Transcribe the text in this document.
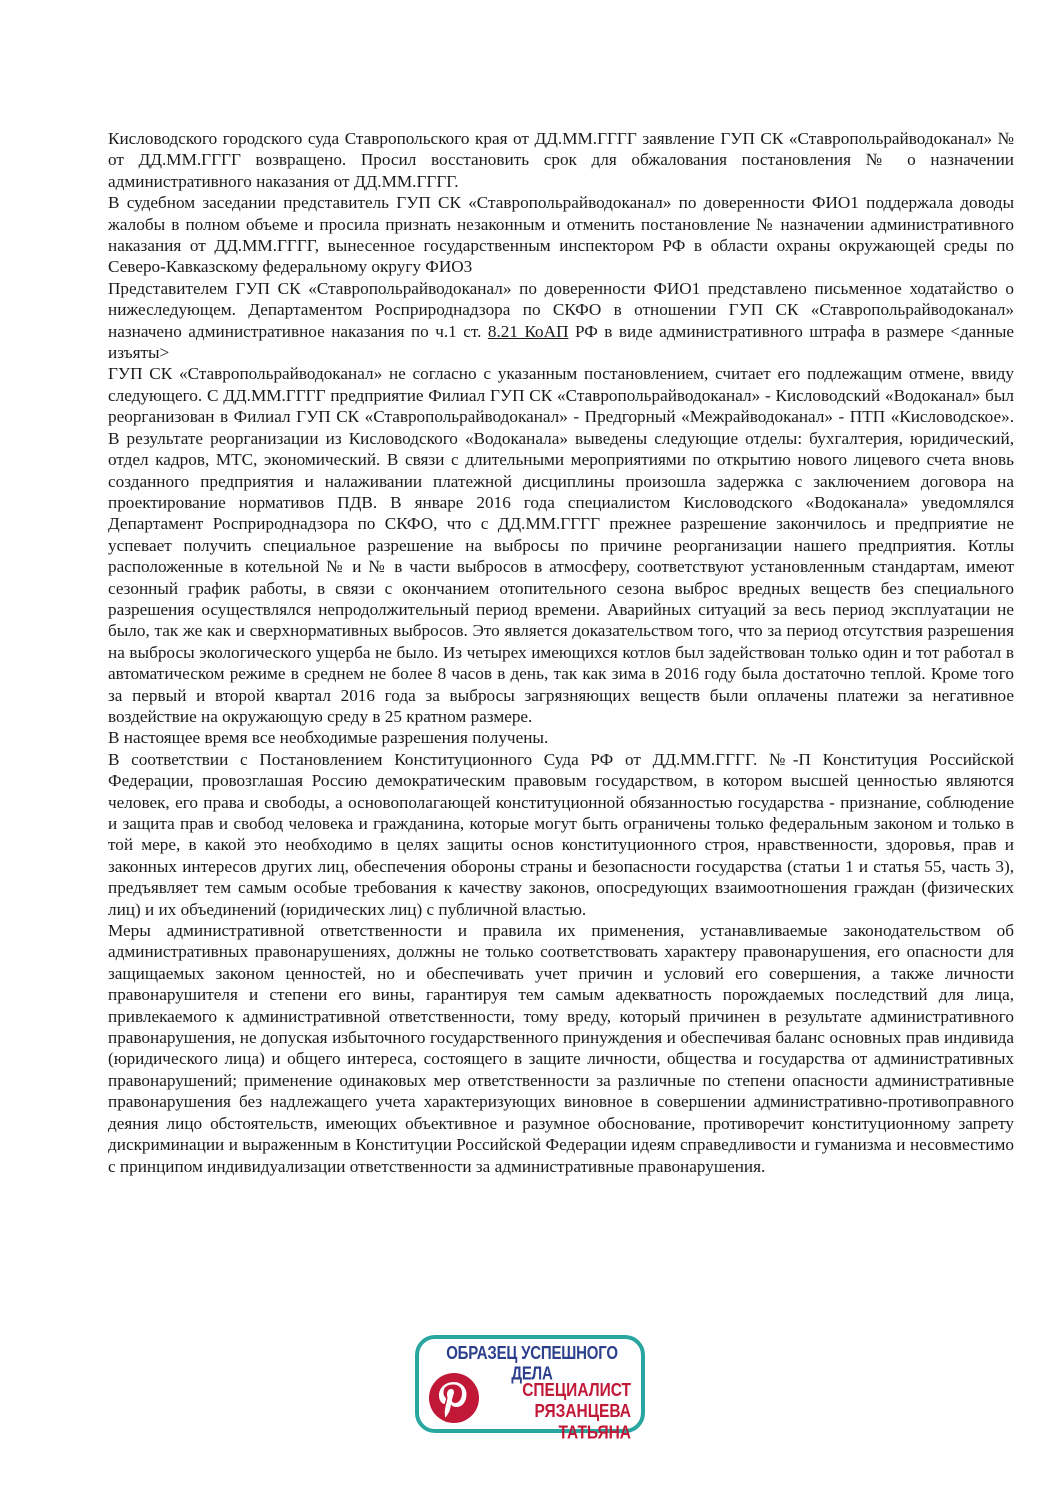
Кисловодского городского суда Ставропольского края от ДД.ММ.ГГГГ заявление ГУП СК «Ставропольрайводоканал» № от ДД.ММ.ГГГГ возвращено. Просил восстановить срок для обжалования постановления № о назначении административного наказания от ДД.ММ.ГГГГ.

В судебном заседании представитель ГУП СК «Ставропольрайводоканал» по доверенности ФИО1 поддержала доводы жалобы в полном объеме и просила признать незаконным и отменить постановление № назначении административного наказания от ДД.ММ.ГГГГ, вынесенное государственным инспектором РФ в области охраны окружающей среды по Северо-Кавказскому федеральному округу ФИО3

Представителем ГУП СК «Ставропольрайводоканал» по доверенности ФИО1 представлено письменное ходатайство о нижеследующем. Департаментом Росприроднадзора по СКФО в отношении ГУП СК «Ставропольрайводоканал» назначено административное наказания по ч.1 ст. 8.21 КоАП РФ в виде административного штрафа в размере <данные изъяты>

ГУП СК «Ставропольрайводоканал» не согласно с указанным постановлением, считает его подлежащим отмене, ввиду следующего. С ДД.ММ.ГГГГ предприятие Филиал ГУП СК «Ставропольрайводоканал» - Кисловодский «Водоканал» был реорганизован в Филиал ГУП СК «Ставропольрайводоканал» - Предгорный «Межрайводоканал» - ПТП «Кисловодское». В результате реорганизации из Кисловодского «Водоканала» выведены следующие отделы: бухгалтерия, юридический, отдел кадров, МТС, экономический. В связи с длительными мероприятиями по открытию нового лицевого счета вновь созданного предприятия и налаживании платежной дисциплины произошла задержка с заключением договора на проектирование нормативов ПДВ. В январе 2016 года специалистом Кисловодского «Водоканала» уведомлялся Департамент Росприроднадзора по СКФО, что с ДД.ММ.ГГГГ прежнее разрешение закончилось и предприятие не успевает получить специальное разрешение на выбросы по причине реорганизации нашего предприятия. Котлы расположенные в котельной № и № в части выбросов в атмосферу, соответствуют установленным стандартам, имеют сезонный график работы, в связи с окончанием отопительного сезона выброс вредных веществ без специального разрешения осуществлялся непродолжительный период времени. Аварийных ситуаций за весь период эксплуатации не было, так же как и сверхнормативных выбросов. Это является доказательством того, что за период отсутствия разрешения на выбросы экологического ущерба не было. Из четырех имеющихся котлов был задействован только один и тот работал в автоматическом режиме в среднем не более 8 часов в день, так как зима в 2016 году была достаточно теплой. Кроме того за первый и второй квартал 2016 года за выбросы загрязняющих веществ были оплачены платежи за негативное воздействие на окружающую среду в 25 кратном размере.

В настоящее время все необходимые разрешения получены.

В соответствии с Постановлением Конституционного Суда РФ от ДД.ММ.ГГГГ. №-П Конституция Российской Федерации, провозглашая Россию демократическим правовым государством, в котором высшей ценностью являются человек, его права и свободы, а основополагающей конституционной обязанностью государства - признание, соблюдение и защита прав и свобод человека и гражданина, которые могут быть ограничены только федеральным законом и только в той мере, в какой это необходимо в целях защиты основ конституционного строя, нравственности, здоровья, прав и законных интересов других лиц, обеспечения обороны страны и безопасности государства (статьи 1 и статья 55, часть 3), предъявляет тем самым особые требования к качеству законов, опосредующих взаимоотношения граждан (физических лиц) и их объединений (юридических лиц) с публичной властью.

Меры административной ответственности и правила их применения, устанавливаемые законодательством об административных правонарушениях, должны не только соответствовать характеру правонарушения, его опасности для защищаемых законом ценностей, но и обеспечивать учет причин и условий его совершения, а также личности правонарушителя и степени его вины, гарантируя тем самым адекватность порождаемых последствий для лица, привлекаемого к административной ответственности, тому вреду, который причинен в результате административного правонарушения, не допуская избыточного государственного принуждения и обеспечивая баланс основных прав индивида (юридического лица) и общего интереса, состоящего в защите личности, общества и государства от административных правонарушений; применение одинаковых мер ответственности за различные по степени опасности административные правонарушения без надлежащего учета характеризующих виновное в совершении административно-противоправного деяния лицо обстоятельств, имеющих объективное и разумное обоснование, противоречит конституционному запрету дискриминации и выраженным в Конституции Российской Федерации идеям справедливости и гуманизма и несовместимо с принципом индивидуализации ответственности за административные правонарушения.

ОБРАЗЕЦ УСПЕШНОГО ДЕЛА
СПЕЦИАЛИСТ
РЯЗАНЦЕВА ТАТЬЯНА
